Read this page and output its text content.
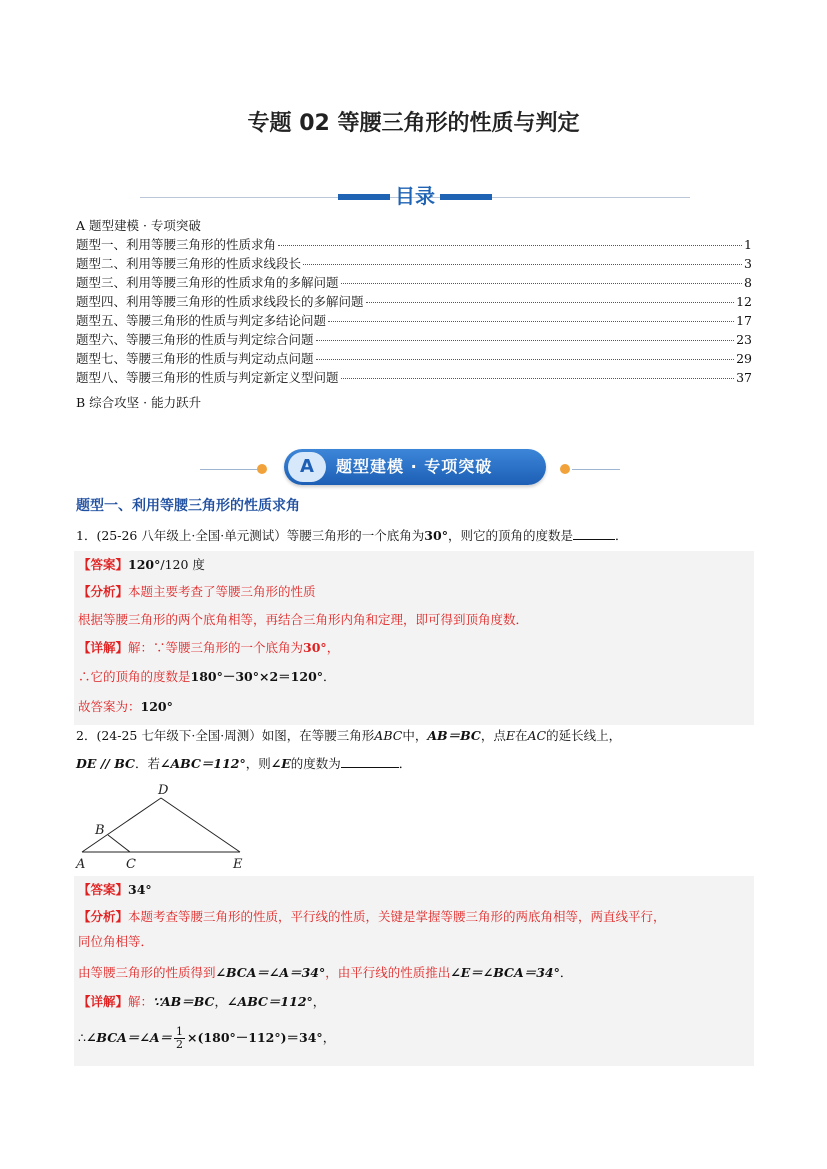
专题 02 等腰三角形的性质与判定
目录
A 题型建模 · 专项突破
题型一、利用等腰三角形的性质求角	1
题型二、利用等腰三角形的性质求线段长	3
题型三、利用等腰三角形的性质求角的多解问题	8
题型四、利用等腰三角形的性质求线段长的多解问题	12
题型五、等腰三角形的性质与判定多结论问题	17
题型六、等腰三角形的性质与判定综合问题	23
题型七、等腰三角形的性质与判定动点问题	29
题型八、等腰三角形的性质与判定新定义型问题	37
B 综合攻坚 · 能力跃升
A	题型建模 · 专项突破
题型一、利用等腰三角形的性质求角
1．(25-26 八年级上·全国·单元测试）等腰三角形的一个底角为30°，则它的顶角的度数是	．
【答案】120°/120 度
【分析】本题主要考查了等腰三角形的性质
根据等腰三角形的两个底角相等，再结合三角形内角和定理，即可得到顶角度数．
【详解】解：∵等腰三角形的一个底角为30°，
∴它的顶角的度数是180°－30°×2＝120°．
故答案为：120°
2．(24-25 七年级下·全国·周测）如图，在等腰三角形ABC中，AB＝BC，点E在AC的延长线上，
DE // BC．若∠ABC＝112°，则∠E的度数为	．
D
B
A	C	E
【答案】34°
【分析】本题考查等腰三角形的性质，平行线的性质，关键是掌握等腰三角形的两底角相等，两直线平行，
同位角相等．
由等腰三角形的性质得到∠BCA＝∠A＝34°，由平行线的性质推出∠E＝∠BCA＝34°．
【详解】解：∵AB＝BC，∠ABC＝112°，
∴∠BCA＝∠A＝ $\frac{1}{2} \times(180^\circ-112^\circ)=34^\circ$，
